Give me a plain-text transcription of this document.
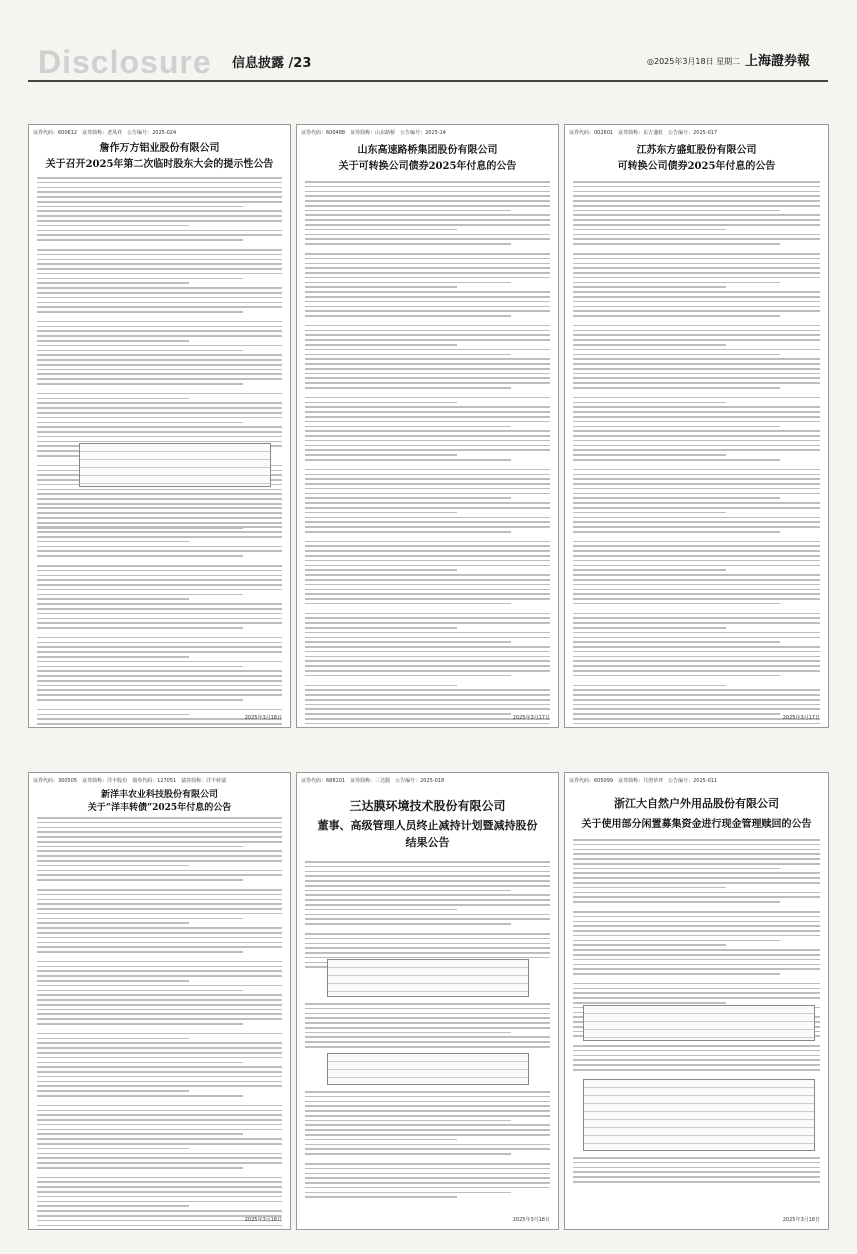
Disclosure 信息披露 /23	◎2025年3月18日 星期二 上海證券報
证券代码：600612　证券简称：老凤祥　公告编号：2025-024
詹作万方铝业股份有限公司
关于召开2025年第二次临时股东大会的提示性公告
2025年3月18日
证券代码：600488　证券简称：山东路桥　公告编号：2025-14
山东高速路桥集团股份有限公司
关于可转换公司债券2025年付息的公告
2025年3月17日
证券代码：002601　证券简称：东方盛虹　公告编号：2025-017
江苏东方盛虹股份有限公司
可转换公司债券2025年付息的公告
2025年3月17日
证券代码：300505　证券简称：洋丰股份　债券代码：127051　债券简称：洋丰转债
新洋丰农业科技股份有限公司
关于“洋丰转债”2025年付息的公告
2025年3月18日
证券代码：688101　证券简称：三达膜　公告编号：2025-018
三达膜环境技术股份有限公司
董事、高级管理人员终止减持计划暨减持股份结果公告
2025年3月18日
证券代码：605099　证券简称：共创草坪　公告编号：2025-011
浙江大自然户外用品股份有限公司
关于使用部分闲置募集资金进行现金管理赎回的公告
2025年3月18日
